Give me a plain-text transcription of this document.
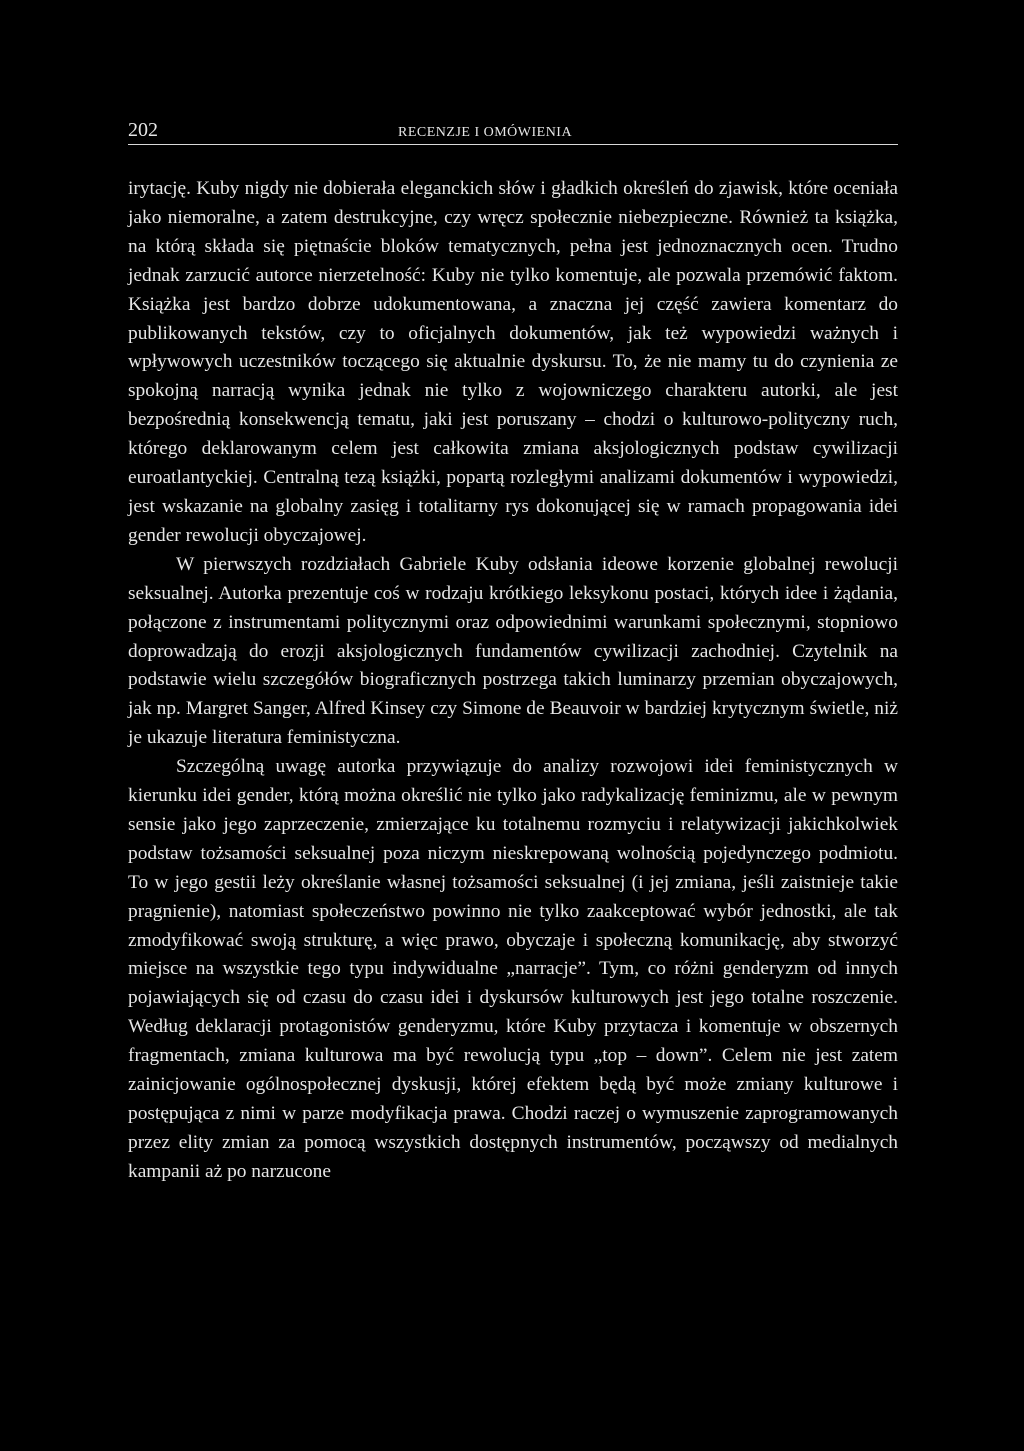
202	RECENZJE I OMÓWIENIA

irytację. Kuby nigdy nie dobierała eleganckich słów i gładkich określeń do zjawisk, które oceniała jako niemoralne, a zatem destrukcyjne, czy wręcz społecznie niebezpieczne. Również ta książka, na którą składa się piętnaście bloków tematycznych, pełna jest jednoznacznych ocen. Trudno jednak zarzucić autorce nierzetelność: Kuby nie tylko komentuje, ale pozwala przemówić faktom. Książka jest bardzo dobrze udokumentowana, a znaczna jej część zawiera komentarz do publikowanych tekstów, czy to oficjalnych dokumentów, jak też wypowiedzi ważnych i wpływowych uczestników toczącego się aktualnie dyskursu. To, że nie mamy tu do czynienia ze spokojną narracją wynika jednak nie tylko z wojowniczego charakteru autorki, ale jest bezpośrednią konsekwencją tematu, jaki jest poruszany – chodzi o kulturowo-polityczny ruch, którego deklarowanym celem jest całkowita zmiana aksjologicznych podstaw cywilizacji euroatlantyckiej. Centralną tezą książki, popartą rozległymi analizami dokumentów i wypowiedzi, jest wskazanie na globalny zasięg i totalitarny rys dokonującej się w ramach propagowania idei gender rewolucji obyczajowej.

W pierwszych rozdziałach Gabriele Kuby odsłania ideowe korzenie globalnej rewolucji seksualnej. Autorka prezentuje coś w rodzaju krótkiego leksykonu postaci, których idee i żądania, połączone z instrumentami politycznymi oraz odpowiednimi warunkami społecznymi, stopniowo doprowadzają do erozji aksjologicznych fundamentów cywilizacji zachodniej. Czytelnik na podstawie wielu szczegółów biograficznych postrzega takich luminarzy przemian obyczajowych, jak np. Margret Sanger, Alfred Kinsey czy Simone de Beauvoir w bardziej krytycznym świetle, niż je ukazuje literatura feministyczna.

Szczególną uwagę autorka przywiązuje do analizy rozwojowi idei feministycznych w kierunku idei gender, którą można określić nie tylko jako radykalizację feminizmu, ale w pewnym sensie jako jego zaprzeczenie, zmierzające ku totalnemu rozmyciu i relatywizacji jakichkolwiek podstaw tożsamości seksualnej poza niczym nieskrepowaną wolnością pojedynczego podmiotu. To w jego gestii leży określanie własnej tożsamości seksualnej (i jej zmiana, jeśli zaistnieje takie pragnienie), natomiast społeczeństwo powinno nie tylko zaakceptować wybór jednostki, ale tak zmodyfikować swoją strukturę, a więc prawo, obyczaje i społeczną komunikację, aby stworzyć miejsce na wszystkie tego typu indywidualne „narracje”. Tym, co różni genderyzm od innych pojawiających się od czasu do czasu idei i dyskursów kulturowych jest jego totalne roszczenie. Według deklaracji protagonistów genderyzmu, które Kuby przytacza i komentuje w obszernych fragmentach, zmiana kulturowa ma być rewolucją typu „top – down”. Celem nie jest zatem zainicjowanie ogólnospołecznej dyskusji, której efektem będą być może zmiany kulturowe i postępująca z nimi w parze modyfikacja prawa. Chodzi raczej o wymuszenie zaprogramowanych przez elity zmian za pomocą wszystkich dostępnych instrumentów, począwszy od medialnych kampanii aż po narzucone
